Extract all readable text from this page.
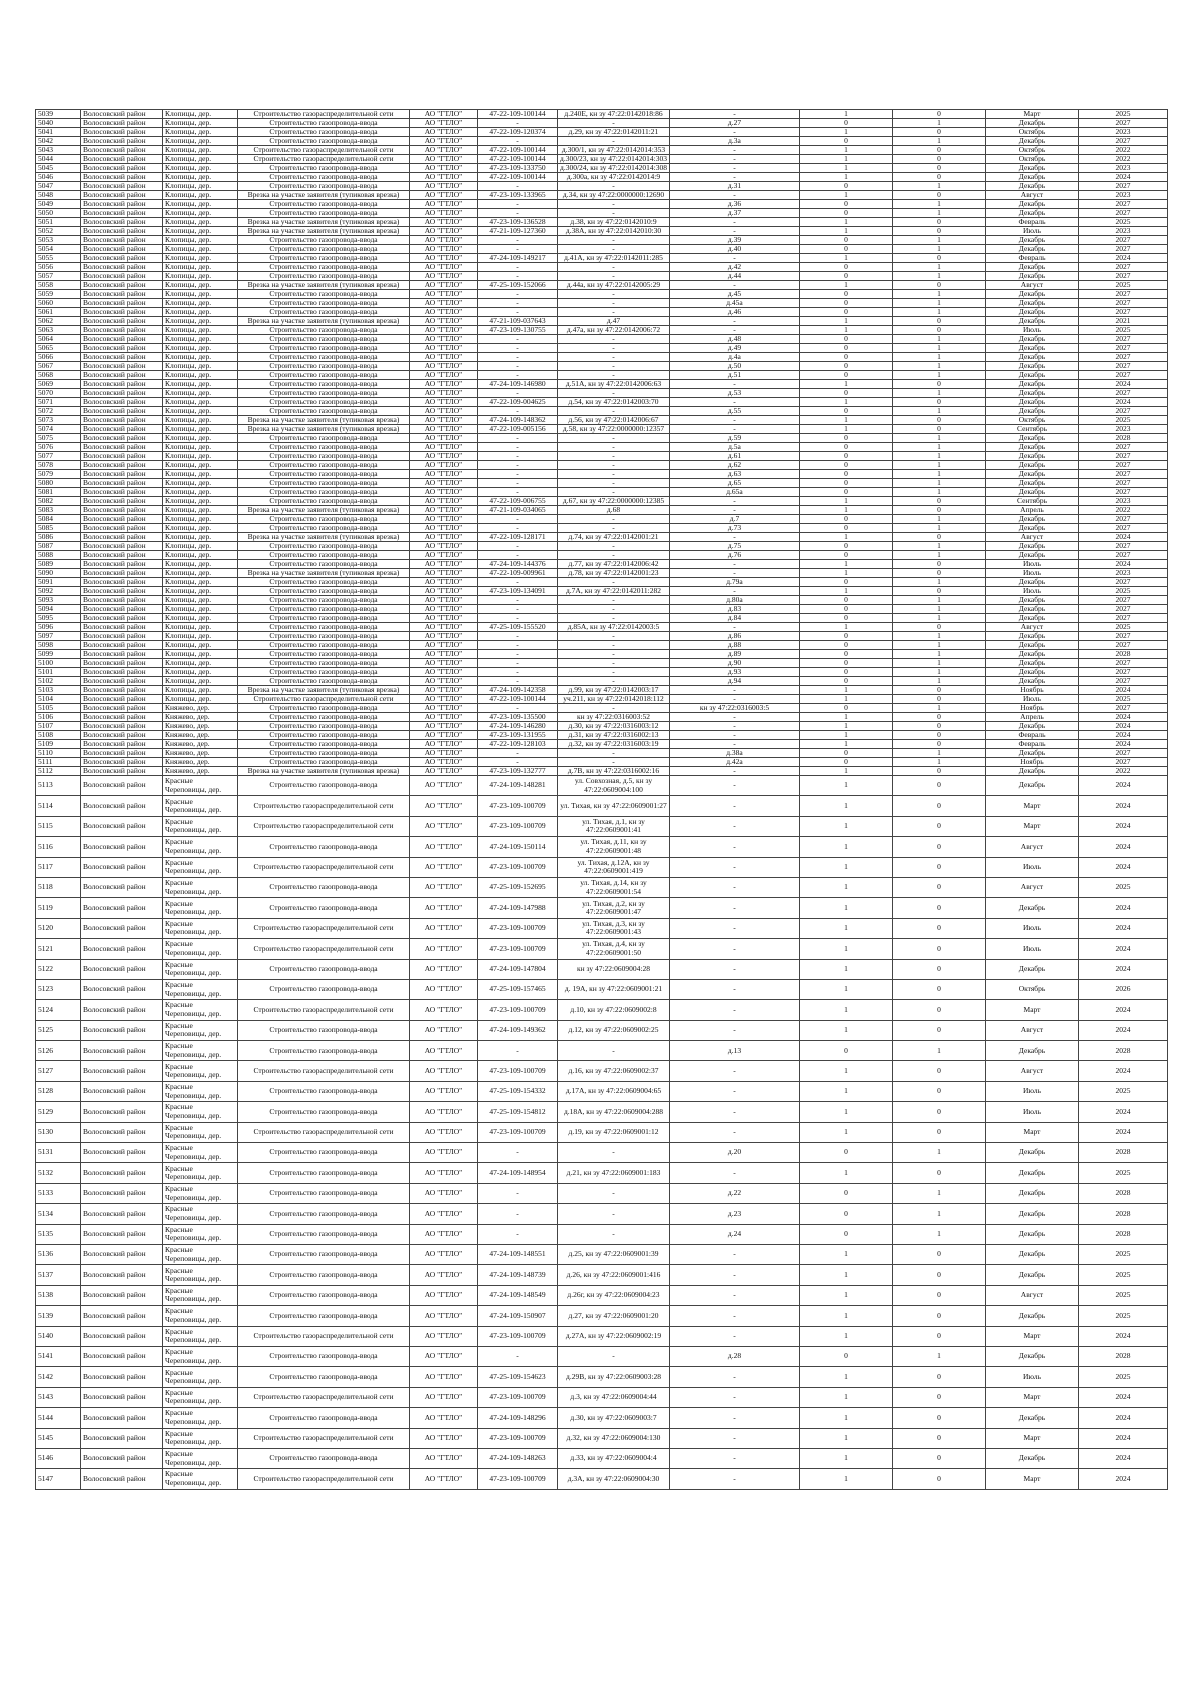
5039	Волосовский район	Клопицы, дер.	Строительство газораспределительной сети	АО "ГТЛО"	47-22-109-100144	д.240Е, кн зу 47:22:0142018:86	-	1	0	Март	2025
5040	Волосовский район	Клопицы, дер.	Строительство газопровода-ввода	АО "ГТЛО"	-	-	д.27	0	1	Декабрь	2027
5041	Волосовский район	Клопицы, дер.	Строительство газопровода-ввода	АО "ГТЛО"	47-22-109-120374	д.29, кн зу 47:22:0142011:21	-	1	0	Октябрь	2023
5042	Волосовский район	Клопицы, дер.	Строительство газопровода-ввода	АО "ГТЛО"	-	-	д.3а	0	1	Декабрь	2027
5043	Волосовский район	Клопицы, дер.	Строительство газораспределительной сети	АО "ГТЛО"	47-22-109-100144	д.300/1, кн зу 47:22:0142014:353	-	1	0	Октябрь	2022
5044	Волосовский район	Клопицы, дер.	Строительство газораспределительной сети	АО "ГТЛО"	47-22-109-100144	д.300/23, кн зу 47:22:0142014:303	-	1	0	Октябрь	2022
5045	Волосовский район	Клопицы, дер.	Строительство газопровода-ввода	АО "ГТЛО"	47-23-109-133750	д.300/24, кн зу 47:22:0142014:308	-	1	0	Декабрь	2023
5046	Волосовский район	Клопицы, дер.	Строительство газопровода-ввода	АО "ГТЛО"	47-22-109-100144	д.300а, кн зу 47:22:0142014:9	-	1	0	Декабрь	2024
5047	Волосовский район	Клопицы, дер.	Строительство газопровода-ввода	АО "ГТЛО"	-	-	д.31	0	1	Декабрь	2027
5048	Волосовский район	Клопицы, дер.	Врезка на участке заявителя (тупиковая врезка)	АО "ГТЛО"	47-23-109-133965	д.34, кн зу 47:22:0000000:12690	-	1	0	Август	2023
5049	Волосовский район	Клопицы, дер.	Строительство газопровода-ввода	АО "ГТЛО"	-	-	д.36	0	1	Декабрь	2027
5050	Волосовский район	Клопицы, дер.	Строительство газопровода-ввода	АО "ГТЛО"	-	-	д.37	0	1	Декабрь	2027
5051	Волосовский район	Клопицы, дер.	Врезка на участке заявителя (тупиковая врезка)	АО "ГТЛО"	47-23-109-136528	д.38, кн зу 47:22:0142010:9	-	1	0	Февраль	2025
5052	Волосовский район	Клопицы, дер.	Врезка на участке заявителя (тупиковая врезка)	АО "ГТЛО"	47-21-109-127360	д.38А, кн зу 47:22:0142010:30	-	1	0	Июль	2023
5053	Волосовский район	Клопицы, дер.	Строительство газопровода-ввода	АО "ГТЛО"	-	-	д.39	0	1	Декабрь	2027
5054	Волосовский район	Клопицы, дер.	Строительство газопровода-ввода	АО "ГТЛО"	-	-	д.40	0	1	Декабрь	2027
5055	Волосовский район	Клопицы, дер.	Строительство газопровода-ввода	АО "ГТЛО"	47-24-109-149217	д.41А, кн зу 47:22:0142011:285	-	1	0	Февраль	2024
5056	Волосовский район	Клопицы, дер.	Строительство газопровода-ввода	АО "ГТЛО"	-	-	д.42	0	1	Декабрь	2027
5057	Волосовский район	Клопицы, дер.	Строительство газопровода-ввода	АО "ГТЛО"	-	-	д.44	0	1	Декабрь	2027
5058	Волосовский район	Клопицы, дер.	Врезка на участке заявителя (тупиковая врезка)	АО "ГТЛО"	47-25-109-152066	д.44а, кн зу 47:22:0142005:29	-	1	0	Август	2025
5059	Волосовский район	Клопицы, дер.	Строительство газопровода-ввода	АО "ГТЛО"	-	-	д.45	0	1	Декабрь	2027
5060	Волосовский район	Клопицы, дер.	Строительство газопровода-ввода	АО "ГТЛО"	-	-	д.45а	0	1	Декабрь	2027
5061	Волосовский район	Клопицы, дер.	Строительство газопровода-ввода	АО "ГТЛО"	-	-	д.46	0	1	Декабрь	2027
5062	Волосовский район	Клопицы, дер.	Врезка на участке заявителя (тупиковая врезка)	АО "ГТЛО"	47-21-109-037643	д.47	-	1	0	Декабрь	2021
5063	Волосовский район	Клопицы, дер.	Строительство газопровода-ввода	АО "ГТЛО"	47-23-109-130755	д.47а, кн зу 47:22:0142006:72	-	1	0	Июль	2025
5064	Волосовский район	Клопицы, дер.	Строительство газопровода-ввода	АО "ГТЛО"	-	-	д.48	0	1	Декабрь	2027
5065	Волосовский район	Клопицы, дер.	Строительство газопровода-ввода	АО "ГТЛО"	-	-	д.49	0	1	Декабрь	2027
5066	Волосовский район	Клопицы, дер.	Строительство газопровода-ввода	АО "ГТЛО"	-	-	д.4а	0	1	Декабрь	2027
5067	Волосовский район	Клопицы, дер.	Строительство газопровода-ввода	АО "ГТЛО"	-	-	д.50	0	1	Декабрь	2027
5068	Волосовский район	Клопицы, дер.	Строительство газопровода-ввода	АО "ГТЛО"	-	-	д.51	0	1	Декабрь	2027
5069	Волосовский район	Клопицы, дер.	Строительство газопровода-ввода	АО "ГТЛО"	47-24-109-146980	д.51А, кн зу 47:22:0142006:63	-	1	0	Декабрь	2024
5070	Волосовский район	Клопицы, дер.	Строительство газопровода-ввода	АО "ГТЛО"	-	-	д.53	0	1	Декабрь	2027
5071	Волосовский район	Клопицы, дер.	Строительство газопровода-ввода	АО "ГТЛО"	47-22-109-004625	д.54, кн зу 47:22:0142003:70	-	1	0	Декабрь	2024
5072	Волосовский район	Клопицы, дер.	Строительство газопровода-ввода	АО "ГТЛО"	-	-	д.55	0	1	Декабрь	2027
5073	Волосовский район	Клопицы, дер.	Врезка на участке заявителя (тупиковая врезка)	АО "ГТЛО"	47-24-109-148362	д.56, кн зу 47:22:0142006:67	-	1	0	Октябрь	2025
5074	Волосовский район	Клопицы, дер.	Врезка на участке заявителя (тупиковая врезка)	АО "ГТЛО"	47-22-109-005156	д.58, кн зу 47:22:0000000:12357	-	1	0	Сентябрь	2023
5075	Волосовский район	Клопицы, дер.	Строительство газопровода-ввода	АО "ГТЛО"	-	-	д.59	0	1	Декабрь	2028
5076	Волосовский район	Клопицы, дер.	Строительство газопровода-ввода	АО "ГТЛО"	-	-	д.5а	0	1	Декабрь	2027
5077	Волосовский район	Клопицы, дер.	Строительство газопровода-ввода	АО "ГТЛО"	-	-	д.61	0	1	Декабрь	2027
5078	Волосовский район	Клопицы, дер.	Строительство газопровода-ввода	АО "ГТЛО"	-	-	д.62	0	1	Декабрь	2027
5079	Волосовский район	Клопицы, дер.	Строительство газопровода-ввода	АО "ГТЛО"	-	-	д.63	0	1	Декабрь	2027
5080	Волосовский район	Клопицы, дер.	Строительство газопровода-ввода	АО "ГТЛО"	-	-	д.65	0	1	Декабрь	2027
5081	Волосовский район	Клопицы, дер.	Строительство газопровода-ввода	АО "ГТЛО"	-	-	д.65а	0	1	Декабрь	2027
5082	Волосовский район	Клопицы, дер.	Строительство газопровода-ввода	АО "ГТЛО"	47-22-109-006755	д.67, кн зу 47:22:0000000:12385	-	1	0	Сентябрь	2023
5083	Волосовский район	Клопицы, дер.	Врезка на участке заявителя (тупиковая врезка)	АО "ГТЛО"	47-21-109-034065	д.68	-	1	0	Апрель	2022
5084	Волосовский район	Клопицы, дер.	Строительство газопровода-ввода	АО "ГТЛО"	-	-	д.7	0	1	Декабрь	2027
5085	Волосовский район	Клопицы, дер.	Строительство газопровода-ввода	АО "ГТЛО"	-	-	д.73	0	1	Декабрь	2027
5086	Волосовский район	Клопицы, дер.	Врезка на участке заявителя (тупиковая врезка)	АО "ГТЛО"	47-22-109-128171	д.74, кн зу 47:22:0142001:21	-	1	0	Август	2024
5087	Волосовский район	Клопицы, дер.	Строительство газопровода-ввода	АО "ГТЛО"	-	-	д.75	0	1	Декабрь	2027
5088	Волосовский район	Клопицы, дер.	Строительство газопровода-ввода	АО "ГТЛО"	-	-	д.76	0	1	Декабрь	2027
5089	Волосовский район	Клопицы, дер.	Строительство газопровода-ввода	АО "ГТЛО"	47-24-109-144376	д.77, кн зу 47:22:0142006:42	-	1	0	Июль	2024
5090	Волосовский район	Клопицы, дер.	Врезка на участке заявителя (тупиковая врезка)	АО "ГТЛО"	47-22-109-009961	д.78, кн зу 47:22:0142001:23	-	1	0	Июль	2023
5091	Волосовский район	Клопицы, дер.	Строительство газопровода-ввода	АО "ГТЛО"	-	-	д.79а	0	1	Декабрь	2027
5092	Волосовский район	Клопицы, дер.	Строительство газопровода-ввода	АО "ГТЛО"	47-23-109-134091	д.7А, кн зу 47:22:0142011:282	-	1	0	Июль	2025
5093	Волосовский район	Клопицы, дер.	Строительство газопровода-ввода	АО "ГТЛО"	-	-	д.80а	0	1	Декабрь	2027
5094	Волосовский район	Клопицы, дер.	Строительство газопровода-ввода	АО "ГТЛО"	-	-	д.83	0	1	Декабрь	2027
5095	Волосовский район	Клопицы, дер.	Строительство газопровода-ввода	АО "ГТЛО"	-	-	д.84	0	1	Декабрь	2027
5096	Волосовский район	Клопицы, дер.	Строительство газопровода-ввода	АО "ГТЛО"	47-25-109-155520	д.85А, кн зу 47:22:0142003:5	-	1	0	Август	2025
5097	Волосовский район	Клопицы, дер.	Строительство газопровода-ввода	АО "ГТЛО"	-	-	д.86	0	1	Декабрь	2027
5098	Волосовский район	Клопицы, дер.	Строительство газопровода-ввода	АО "ГТЛО"	-	-	д.88	0	1	Декабрь	2027
5099	Волосовский район	Клопицы, дер.	Строительство газопровода-ввода	АО "ГТЛО"	-	-	д.89	0	1	Декабрь	2028
5100	Волосовский район	Клопицы, дер.	Строительство газопровода-ввода	АО "ГТЛО"	-	-	д.90	0	1	Декабрь	2027
5101	Волосовский район	Клопицы, дер.	Строительство газопровода-ввода	АО "ГТЛО"	-	-	д.93	0	1	Декабрь	2027
5102	Волосовский район	Клопицы, дер.	Строительство газопровода-ввода	АО "ГТЛО"	-	-	д.94	0	1	Декабрь	2027
5103	Волосовский район	Клопицы, дер.	Врезка на участке заявителя (тупиковая врезка)	АО "ГТЛО"	47-24-109-142358	д.99, кн зу 47:22:0142003:17	-	1	0	Ноябрь	2024
5104	Волосовский район	Клопицы, дер.	Строительство газораспределительной сети	АО "ГТЛО"	47-22-109-100144	уч.211, кн зу 47:22:0142018:112	-	1	0	Июль	2025
5105	Волосовский район	Княжево, дер.	Строительство газопровода-ввода	АО "ГТЛО"	-	-	кн зу 47:22:0316003:5	0	1	Ноябрь	2027
5106	Волосовский район	Княжево, дер.	Строительство газопровода-ввода	АО "ГТЛО"	47-23-109-135500	кн зу 47:22:0316003:52	-	1	0	Апрель	2024
5107	Волосовский район	Княжево, дер.	Строительство газопровода-ввода	АО "ГТЛО"	47-24-109-146280	д.30, кн зу 47:22:0316003:12	-	1	0	Декабрь	2024
5108	Волосовский район	Княжево, дер.	Строительство газопровода-ввода	АО "ГТЛО"	47-23-109-131955	д.31, кн зу 47:22:0316002:13	-	1	0	Февраль	2024
5109	Волосовский район	Княжево, дер.	Строительство газопровода-ввода	АО "ГТЛО"	47-22-109-128103	д.32, кн зу 47:22:0316003:19	-	1	0	Февраль	2024
5110	Волосовский район	Княжево, дер.	Строительство газопровода-ввода	АО "ГТЛО"	-	-	д.38а	0	1	Декабрь	2027
5111	Волосовский район	Княжево, дер.	Строительство газопровода-ввода	АО "ГТЛО"	-	-	д.42а	0	1	Ноябрь	2027
5112	Волосовский район	Княжево, дер.	Врезка на участке заявителя (тупиковая врезка)	АО "ГТЛО"	47-23-109-132777	д.7В, кн зу 47:22:0316002:16	-	1	0	Декабрь	2022
5113	Волосовский район	Красные Череповицы, дер.	Строительство газопровода-ввода	АО "ГТЛО"	47-24-109-148281	ул. Совхозная, д.5, кн зу 47:22:0609004:100	-	1	0	Декабрь	2024
5114	Волосовский район	Красные Череповицы, дер.	Строительство газораспределительной сети	АО "ГТЛО"	47-23-109-100709	ул. Тихая, кн зу 47:22:0609001:27	-	1	0	Март	2024
5115	Волосовский район	Красные Череповицы, дер.	Строительство газораспределительной сети	АО "ГТЛО"	47-23-109-100709	ул. Тихая, д.1, кн зу 47:22:0609001:41	-	1	0	Март	2024
5116	Волосовский район	Красные Череповицы, дер.	Строительство газопровода-ввода	АО "ГТЛО"	47-24-109-150114	ул. Тихая, д.11, кн зу 47:22:0609001:48	-	1	0	Август	2024
5117	Волосовский район	Красные Череповицы, дер.	Строительство газораспределительной сети	АО "ГТЛО"	47-23-109-100709	ул. Тихая, д.12А, кн зу 47:22:0609001:419	-	1	0	Июль	2024
5118	Волосовский район	Красные Череповицы, дер.	Строительство газопровода-ввода	АО "ГТЛО"	47-25-109-152695	ул. Тихая, д.14, кн зу 47:22:0609001:54	-	1	0	Август	2025
5119	Волосовский район	Красные Череповицы, дер.	Строительство газопровода-ввода	АО "ГТЛО"	47-24-109-147988	ул. Тихая, д.2, кн зу 47:22:0609001:47	-	1	0	Декабрь	2024
5120	Волосовский район	Красные Череповицы, дер.	Строительство газораспределительной сети	АО "ГТЛО"	47-23-109-100709	ул. Тихая, д.3, кн зу 47:22:0609001:43	-	1	0	Июль	2024
5121	Волосовский район	Красные Череповицы, дер.	Строительство газораспределительной сети	АО "ГТЛО"	47-23-109-100709	ул. Тихая, д.4, кн зу 47:22:0609001:50	-	1	0	Июль	2024
5122	Волосовский район	Красные Череповицы, дер.	Строительство газопровода-ввода	АО "ГТЛО"	47-24-109-147804	кн зу 47:22:0609004:28	-	1	0	Декабрь	2024
5123	Волосовский район	Красные Череповицы, дер.	Строительство газопровода-ввода	АО "ГТЛО"	47-25-109-157465	д. 19А, кн зу 47:22:0609001:21	-	1	0	Октябрь	2026
5124	Волосовский район	Красные Череповицы, дер.	Строительство газораспределительной сети	АО "ГТЛО"	47-23-109-100709	д.10, кн зу 47:22:0609002:8	-	1	0	Март	2024
5125	Волосовский район	Красные Череповицы, дер.	Строительство газопровода-ввода	АО "ГТЛО"	47-24-109-149362	д.12, кн зу 47:22:0609002:25	-	1	0	Август	2024
5126	Волосовский район	Красные Череповицы, дер.	Строительство газопровода-ввода	АО "ГТЛО"	-	-	д.13	0	1	Декабрь	2028
5127	Волосовский район	Красные Череповицы, дер.	Строительство газораспределительной сети	АО "ГТЛО"	47-23-109-100709	д.16, кн зу 47:22:0609002:37	-	1	0	Август	2024
5128	Волосовский район	Красные Череповицы, дер.	Строительство газопровода-ввода	АО "ГТЛО"	47-25-109-154332	д.17А, кн зу 47:22:0609004:65	-	1	0	Июль	2025
5129	Волосовский район	Красные Череповицы, дер.	Строительство газопровода-ввода	АО "ГТЛО"	47-25-109-154812	д.18А, кн зу 47:22:0609004:288	-	1	0	Июль	2024
5130	Волосовский район	Красные Череповицы, дер.	Строительство газораспределительной сети	АО "ГТЛО"	47-23-109-100709	д.19, кн зу 47:22:0609001:12	-	1	0	Март	2024
5131	Волосовский район	Красные Череповицы, дер.	Строительство газопровода-ввода	АО "ГТЛО"	-	-	д.20	0	1	Декабрь	2028
5132	Волосовский район	Красные Череповицы, дер.	Строительство газопровода-ввода	АО "ГТЛО"	47-24-109-148954	д.21, кн зу 47:22:0609001:183	-	1	0	Декабрь	2025
5133	Волосовский район	Красные Череповицы, дер.	Строительство газопровода-ввода	АО "ГТЛО"	-	-	д.22	0	1	Декабрь	2028
5134	Волосовский район	Красные Череповицы, дер.	Строительство газопровода-ввода	АО "ГТЛО"	-	-	д.23	0	1	Декабрь	2028
5135	Волосовский район	Красные Череповицы, дер.	Строительство газопровода-ввода	АО "ГТЛО"	-	-	д.24	0	1	Декабрь	2028
5136	Волосовский район	Красные Череповицы, дер.	Строительство газопровода-ввода	АО "ГТЛО"	47-24-109-148551	д.25, кн зу 47:22:0609001:39	-	1	0	Декабрь	2025
5137	Волосовский район	Красные Череповицы, дер.	Строительство газопровода-ввода	АО "ГТЛО"	47-24-109-148739	д.26, кн зу 47:22:0609001:416	-	1	0	Декабрь	2025
5138	Волосовский район	Красные Череповицы, дер.	Строительство газопровода-ввода	АО "ГТЛО"	47-24-109-148549	д.26г, кн зу 47:22:0609004:23	-	1	0	Август	2025
5139	Волосовский район	Красные Череповицы, дер.	Строительство газопровода-ввода	АО "ГТЛО"	47-24-109-150907	д.27, кн зу 47:22:0609001:20	-	1	0	Декабрь	2025
5140	Волосовский район	Красные Череповицы, дер.	Строительство газораспределительной сети	АО "ГТЛО"	47-23-109-100709	д.27А, кн зу 47:22:0609002:19	-	1	0	Март	2024
5141	Волосовский район	Красные Череповицы, дер.	Строительство газопровода-ввода	АО "ГТЛО"	-	-	д.28	0	1	Декабрь	2028
5142	Волосовский район	Красные Череповицы, дер.	Строительство газопровода-ввода	АО "ГТЛО"	47-25-109-154623	д.29В, кн зу 47:22:0609003:28	-	1	0	Июль	2025
5143	Волосовский район	Красные Череповицы, дер.	Строительство газораспределительной сети	АО "ГТЛО"	47-23-109-100709	д.3, кн зу 47:22:0609004:44	-	1	0	Март	2024
5144	Волосовский район	Красные Череповицы, дер.	Строительство газопровода-ввода	АО "ГТЛО"	47-24-109-148296	д.30, кн зу 47:22:0609003:7	-	1	0	Декабрь	2024
5145	Волосовский район	Красные Череповицы, дер.	Строительство газораспределительной сети	АО "ГТЛО"	47-23-109-100709	д.32, кн зу 47:22:0609004:130	-	1	0	Март	2024
5146	Волосовский район	Красные Череповицы, дер.	Строительство газопровода-ввода	АО "ГТЛО"	47-24-109-148263	д.33, кн зу 47:22:0609004:4	-	1	0	Декабрь	2024
5147	Волосовский район	Красные Череповицы, дер.	Строительство газораспределительной сети	АО "ГТЛО"	47-23-109-100709	д.3А, кн зу 47:22:0609004:30	-	1	0	Март	2024
